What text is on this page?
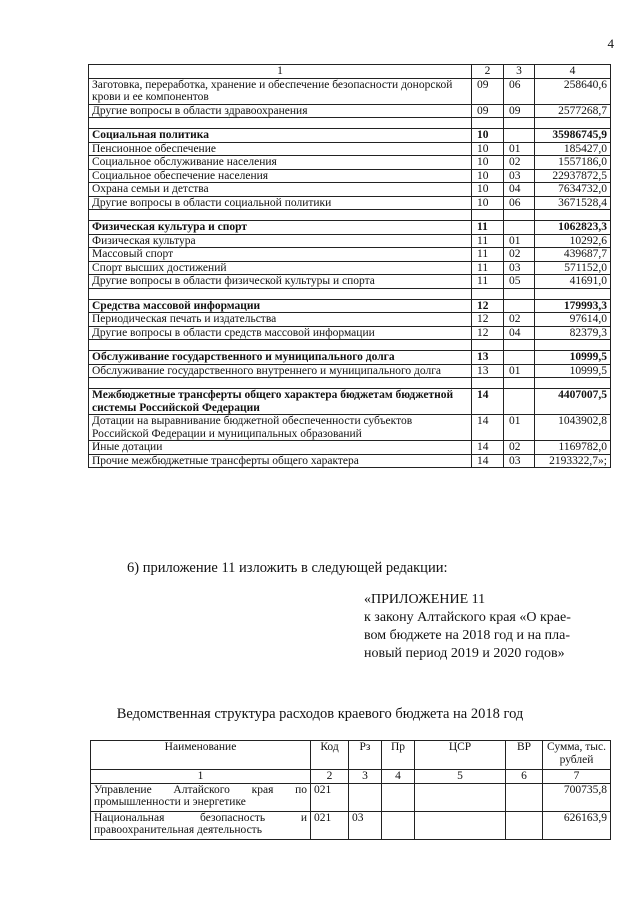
4
1	2	3	4
Заготовка, переработка, хранение и обеспечение безопасности донорской крови и ее компонентов	09	06	258640,6
Другие вопросы в области здравоохранения	09	09	2577268,7

Социальная политика	10		35986745,9
Пенсионное обеспечение	10	01	185427,0
Социальное обслуживание населения	10	02	1557186,0
Социальное обеспечение населения	10	03	22937872,5
Охрана семьи и детства	10	04	7634732,0
Другие вопросы в области социальной политики	10	06	3671528,4

Физическая культура и спорт	11		1062823,3
Физическая культура	11	01	10292,6
Массовый спорт	11	02	439687,7
Спорт высших достижений	11	03	571152,0
Другие вопросы в области физической культуры и спорта	11	05	41691,0

Средства массовой информации	12		179993,3
Периодическая печать и издательства	12	02	97614,0
Другие вопросы в области средств массовой информации	12	04	82379,3

Обслуживание государственного и муниципального долга	13		10999,5
Обслуживание государственного внутреннего и муниципального долга	13	01	10999,5

Межбюджетные трансферты общего характера бюджетам бюджетной системы Российской Федерации	14		4407007,5
Дотации на выравнивание бюджетной обеспеченности субъектов Российской Федерации и муниципальных образований	14	01	1043902,8
Иные дотации	14	02	1169782,0
Прочие межбюджетные трансферты общего характера	14	03	2193322,7»;
6) приложение 11 изложить в следующей редакции:
«ПРИЛОЖЕНИЕ 11
к закону Алтайского края «О крае-
вом бюджете на 2018 год и на пла-
новый период 2019 и 2020 годов»
Ведомственная структура расходов краевого бюджета на 2018 год
Наименование	Код	Рз	Пр	ЦСР	ВР	Сумма, тыс. рублей
1	2	3	4	5	6	7
Управление Алтайского края по промышленности и энергетике	021					700735,8
Национальная безопасность и правоохранительная деятельность	021	03				626163,9
